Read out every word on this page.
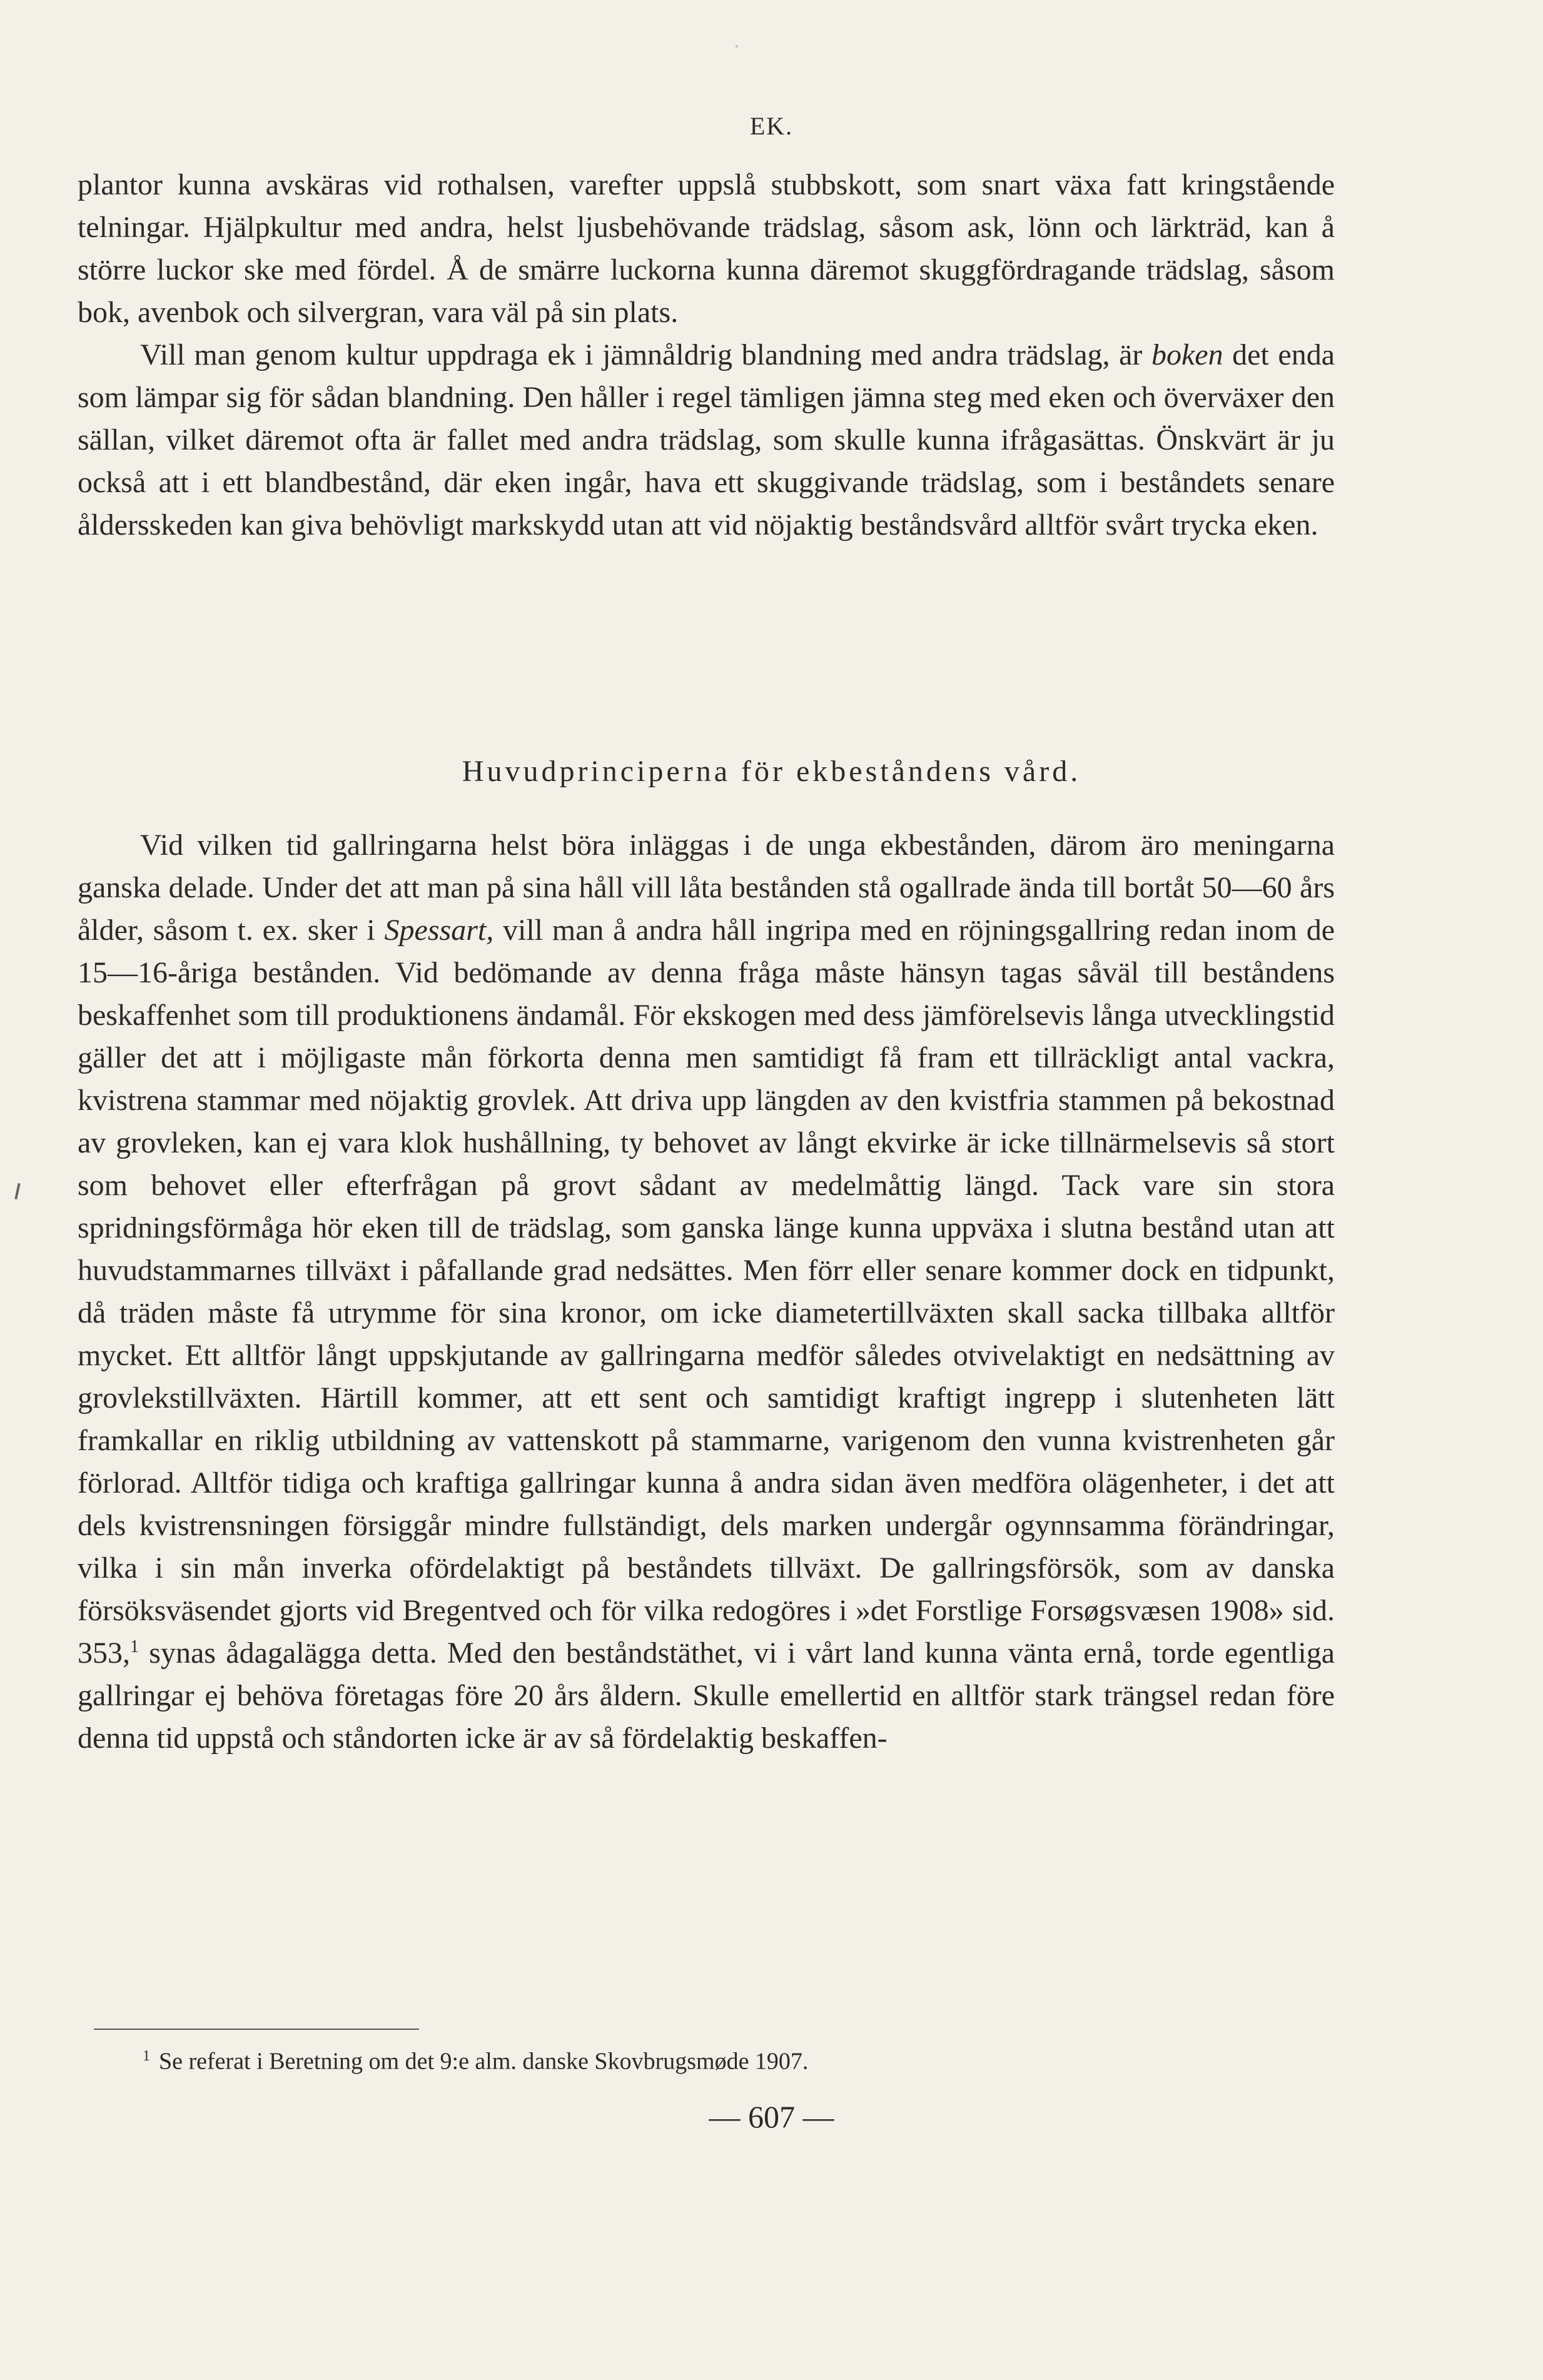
EK.

plantor kunna avskäras vid rothalsen, varefter uppslå stubbskott, som snart växa fatt kringstående telningar. Hjälpkultur med andra, helst ljusbehövande trädslag, såsom ask, lönn och lärkträd, kan å större luckor ske med fördel. Å de smärre luckorna kunna däremot skuggfördragande trädslag, såsom bok, avenbok och silvergran, vara väl på sin plats.

Vill man genom kultur uppdraga ek i jämnåldrig blandning med andra trädslag, är boken det enda som lämpar sig för sådan blandning. Den håller i regel tämligen jämna steg med eken och överväxer den sällan, vilket däremot ofta är fallet med andra trädslag, som skulle kunna ifrågasättas. Önskvärt är ju också att i ett blandbestånd, där eken ingår, hava ett skuggivande trädslag, som i beståndets senare åldersskeden kan giva behövligt markskydd utan att vid nöjaktig beståndsvård alltför svårt trycka eken.

Huvudprinciperna för ekbeståndens vård.

Vid vilken tid gallringarna helst böra inläggas i de unga ekbestånden, därom äro meningarna ganska delade. Under det att man på sina håll vill låta bestånden stå ogallrade ända till bortåt 50—60 års ålder, såsom t. ex. sker i Spessart, vill man å andra håll ingripa med en röjningsgallring redan inom de 15—16-åriga bestånden. Vid bedömande av denna fråga måste hänsyn tagas såväl till beståndens beskaffenhet som till produktionens ändamål. För ekskogen med dess jämförelsevis långa utvecklingstid gäller det att i möjligaste mån förkorta denna men samtidigt få fram ett tillräckligt antal vackra, kvistrena stammar med nöjaktig grovlek. Att driva upp längden av den kvistfria stammen på bekostnad av grovleken, kan ej vara klok hushållning, ty behovet av långt ekvirke är icke tillnärmelsevis så stort som behovet eller efterfrågan på grovt sådant av medelmåttig längd. Tack vare sin stora spridningsförmåga hör eken till de trädslag, som ganska länge kunna uppväxa i slutna bestånd utan att huvudstammarnes tillväxt i påfallande grad nedsättes. Men förr eller senare kommer dock en tidpunkt, då träden måste få utrymme för sina kronor, om icke diametertillväxten skall sacka tillbaka alltför mycket. Ett alltför långt uppskjutande av gallringarna medför således otvivelaktigt en nedsättning av grovlekstillväxten. Härtill kommer, att ett sent och samtidigt kraftigt ingrepp i slutenheten lätt framkallar en riklig utbildning av vattenskott på stammarne, varigenom den vunna kvistrenheten går förlorad. Alltför tidiga och kraftiga gallringar kunna å andra sidan även medföra olägenheter, i det att dels kvistrensningen försiggår mindre fullständigt, dels marken undergår ogynnsamma förändringar, vilka i sin mån inverka ofördelaktigt på beståndets tillväxt. De gallringsförsök, som av danska försöksväsendet gjorts vid Bregentved och för vilka redogöres i »det Forstlige Forsøgsvæsen 1908» sid. 353,$^1$ synas ådagalägga detta. Med den beståndstäthet, vi i vårt land kunna vänta ernå, torde egentliga gallringar ej behöva företagas före 20 års åldern. Skulle emellertid en alltför stark trängsel redan före denna tid uppstå och ståndorten icke är av så fördelaktig beskaffen-

$^1$ Se referat i Beretning om det 9:e alm. danske Skovbrugsmøde 1907.
— 607 —
